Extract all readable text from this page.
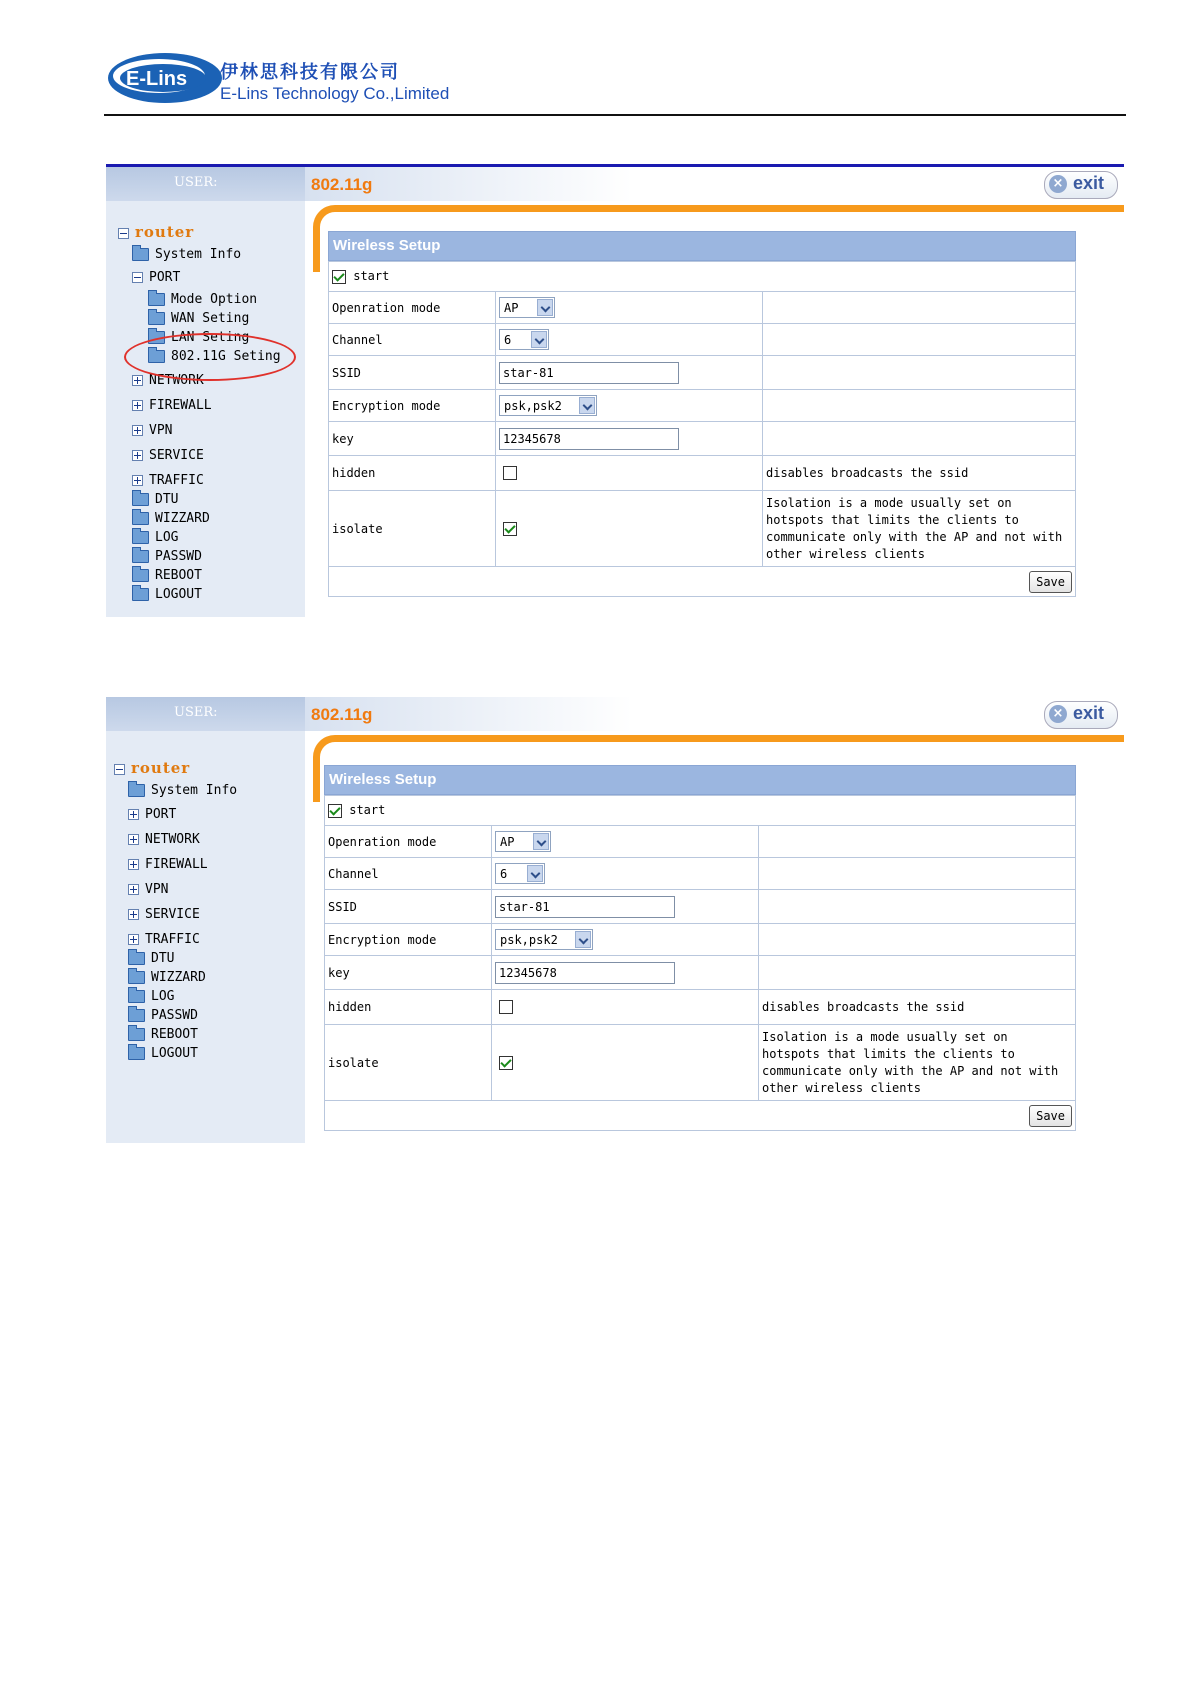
E-Lins 伊林思科技有限公司
E-Lins Technology Co.,Limited
USER:	802.11g	× exit
router
System Info
PORT
Mode Option
WAN Seting
LAN Seting
802.11G Seting
NETWORK
FIREWALL
VPN
SERVICE
TRAFFIC
DTU
WIZZARD
LOG
PASSWD
REBOOT
LOGOUT
Wireless Setup
start		
Openration mode	AP

Channel	6

SSID	star-81	
Encryption mode	psk,psk2

key	12345678	
hidden		disables broadcasts the ssid
isolate		Isolation is a mode usually set on
hotspots that limits the clients to
communicate only with the AP and not with
other wireless clients

Save		
USER:	802.11g	× exit
router
System Info
PORT
NETWORK
FIREWALL
VPN
SERVICE
TRAFFIC
DTU
WIZZARD
LOG
PASSWD
REBOOT
LOGOUT
Wireless Setup
start		
Openration mode	AP

Channel	6

SSID	star-81	
Encryption mode	psk,psk2

key	12345678	
hidden		disables broadcasts the ssid
isolate		Isolation is a mode usually set on
hotspots that limits the clients to
communicate only with the AP and not with
other wireless clients

Save		
